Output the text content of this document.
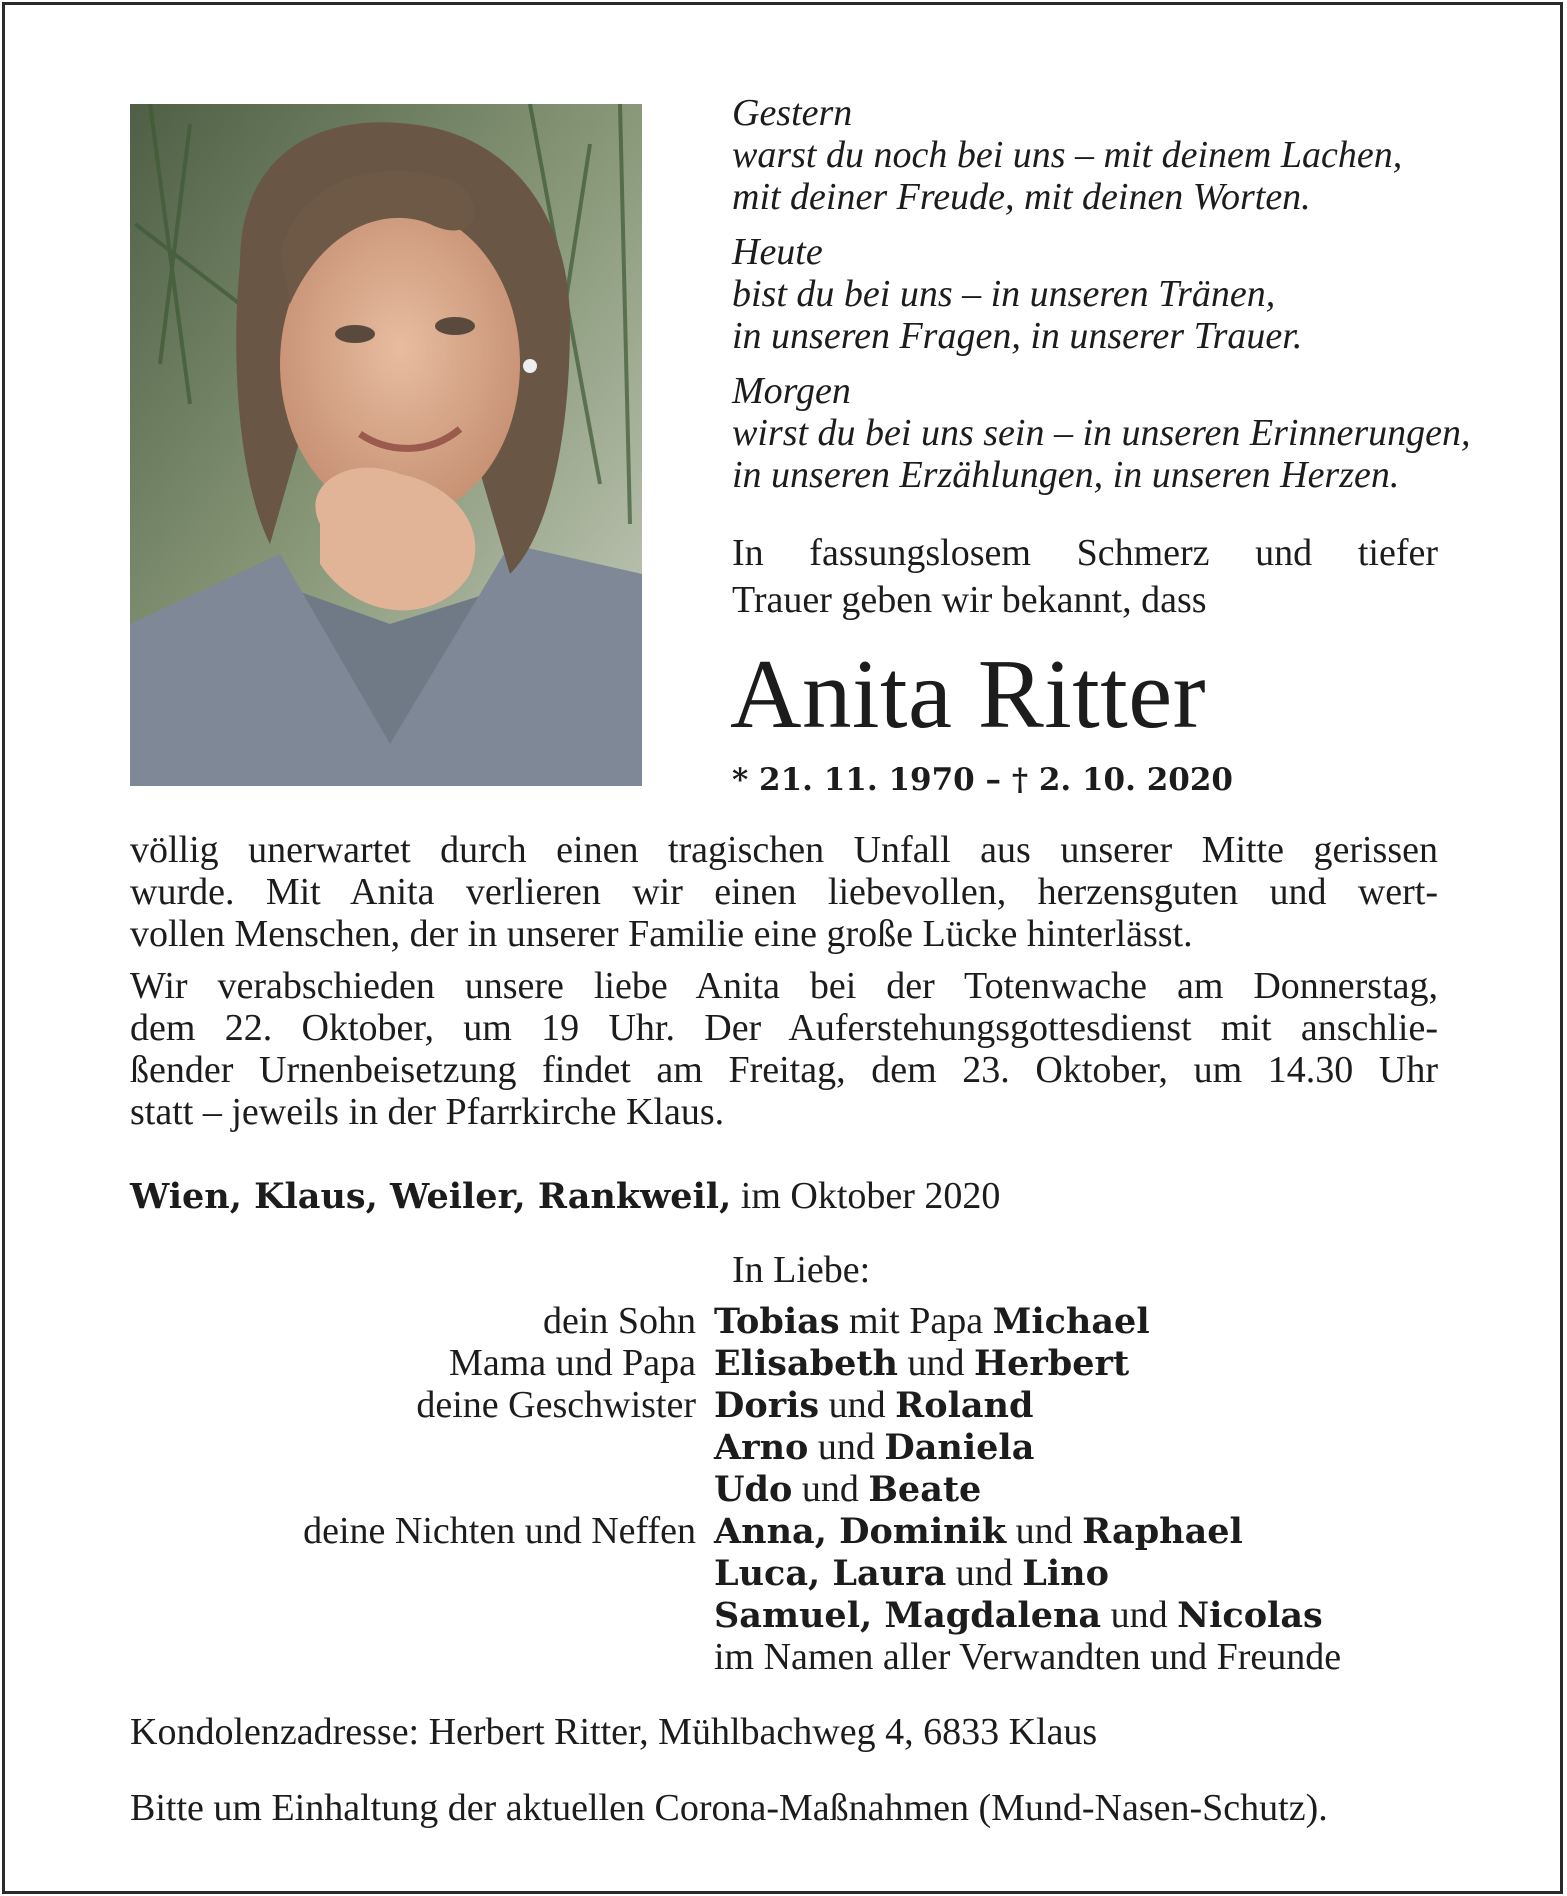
Gestern
warst du noch bei uns – mit deinem Lachen,
mit deiner Freude, mit deinen Worten.
Heute
bist du bei uns – in unseren Tränen,
in unseren Fragen, in unserer Trauer.
Morgen
wirst du bei uns sein – in unseren Erinnerungen,
in unseren Erzählungen, in unseren Herzen.
In fassungslosem Schmerz und tiefer
Trauer geben wir bekannt, dass
Anita Ritter
* 21. 11. 1970 – † 2. 10. 2020

völlig unerwartet durch einen tragischen Unfall aus unserer Mitte gerissen
wurde. Mit Anita verlieren wir einen liebevollen, herzensguten und wert-
vollen Menschen, der in unserer Familie eine große Lücke hinterlässt.

Wir verabschieden unsere liebe Anita bei der Totenwache am Donnerstag,
dem 22. Oktober, um 19 Uhr. Der Auferstehungsgottesdienst mit anschlie-
ßender Urnenbeisetzung findet am Freitag, dem 23. Oktober, um 14.30 Uhr
statt – jeweils in der Pfarrkirche Klaus.

Wien, Klaus, Weiler, Rankweil, im Oktober 2020
In Liebe:
dein Sohn Tobias mit Papa Michael
Mama und Papa Elisabeth und Herbert
deine Geschwister Doris und Roland
Arno und Daniela
Udo und Beate
deine Nichten und Neffen Anna, Dominik und Raphael
Luca, Laura und Lino
Samuel, Magdalena und Nicolas
im Namen aller Verwandten und Freunde
Kondolenzadresse: Herbert Ritter, Mühlbachweg 4, 6833 Klaus
Bitte um Einhaltung der aktuellen Corona-Maßnahmen (Mund-Nasen-Schutz).
